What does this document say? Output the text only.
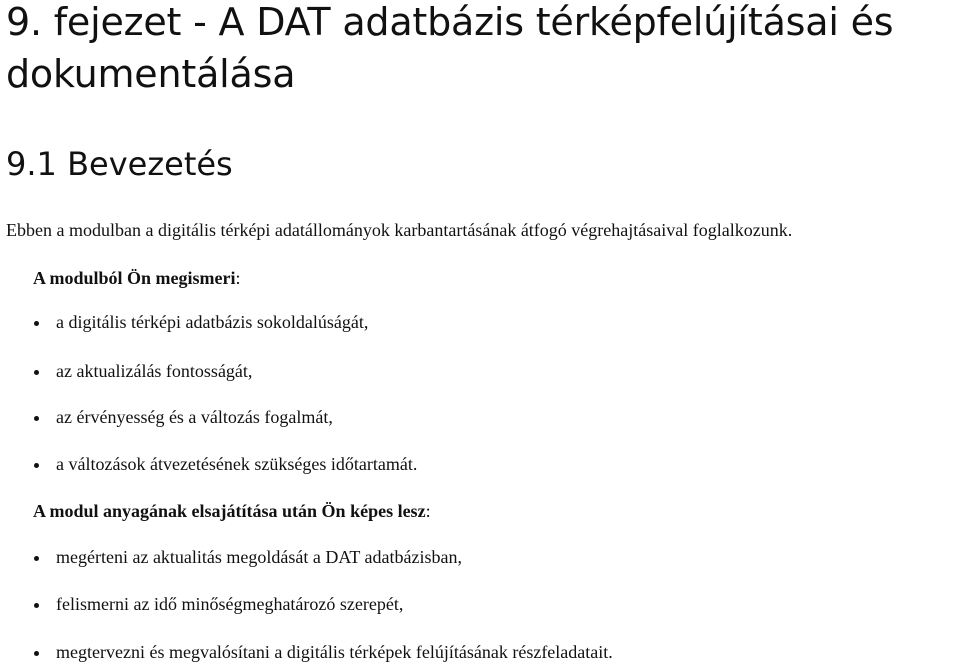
9. fejezet - A DAT adatbázis térképfelújításai és dokumentálása
9.1 Bevezetés

Ebben a modulban a digitális térképi adatállományok karbantartásának átfogó végrehajtásaival foglalkozunk.

A modulból Ön megismeri:

a digitális térképi adatbázis sokoldalúságát,
az aktualizálás fontosságát,
az érvényesség és a változás fogalmát,
a változások átvezetésének szükséges időtartamát.

A modul anyagának elsajátítása után Ön képes lesz:

megérteni az aktualitás megoldását a DAT adatbázisban,
felismerni az idő minőségmeghatározó szerepét,
megtervezni és megvalósítani a digitális térképek felújításának részfeladatait.
